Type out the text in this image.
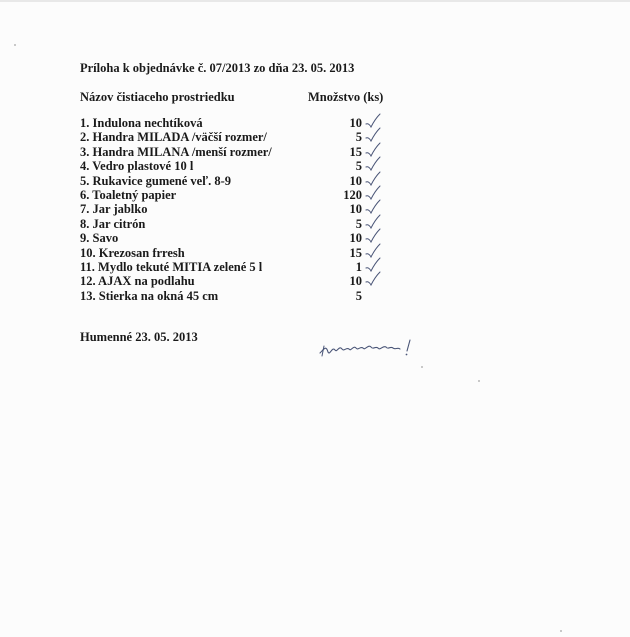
Príloha k objednávke č. 07/2013 zo dňa 23. 05. 2013
Názov čistiaceho prostriedku	Množstvo (ks)
1. Indulona nechtíková	10
2. Handra MILADA /väčší rozmer/	5
3. Handra MILANA /menší rozmer/	15
4. Vedro plastové 10 l	5
5. Rukavice gumené veľ. 8-9	10
6. Toaletný papier	120
7. Jar jablko	10
8. Jar citrón	5
9. Savo	10
10. Krezosan frresh	15
11. Mydlo tekuté MITIA zelené 5 l	1
12. AJAX na podlahu	10
13. Stierka na okná 45 cm	5
Humenné 23. 05. 2013
